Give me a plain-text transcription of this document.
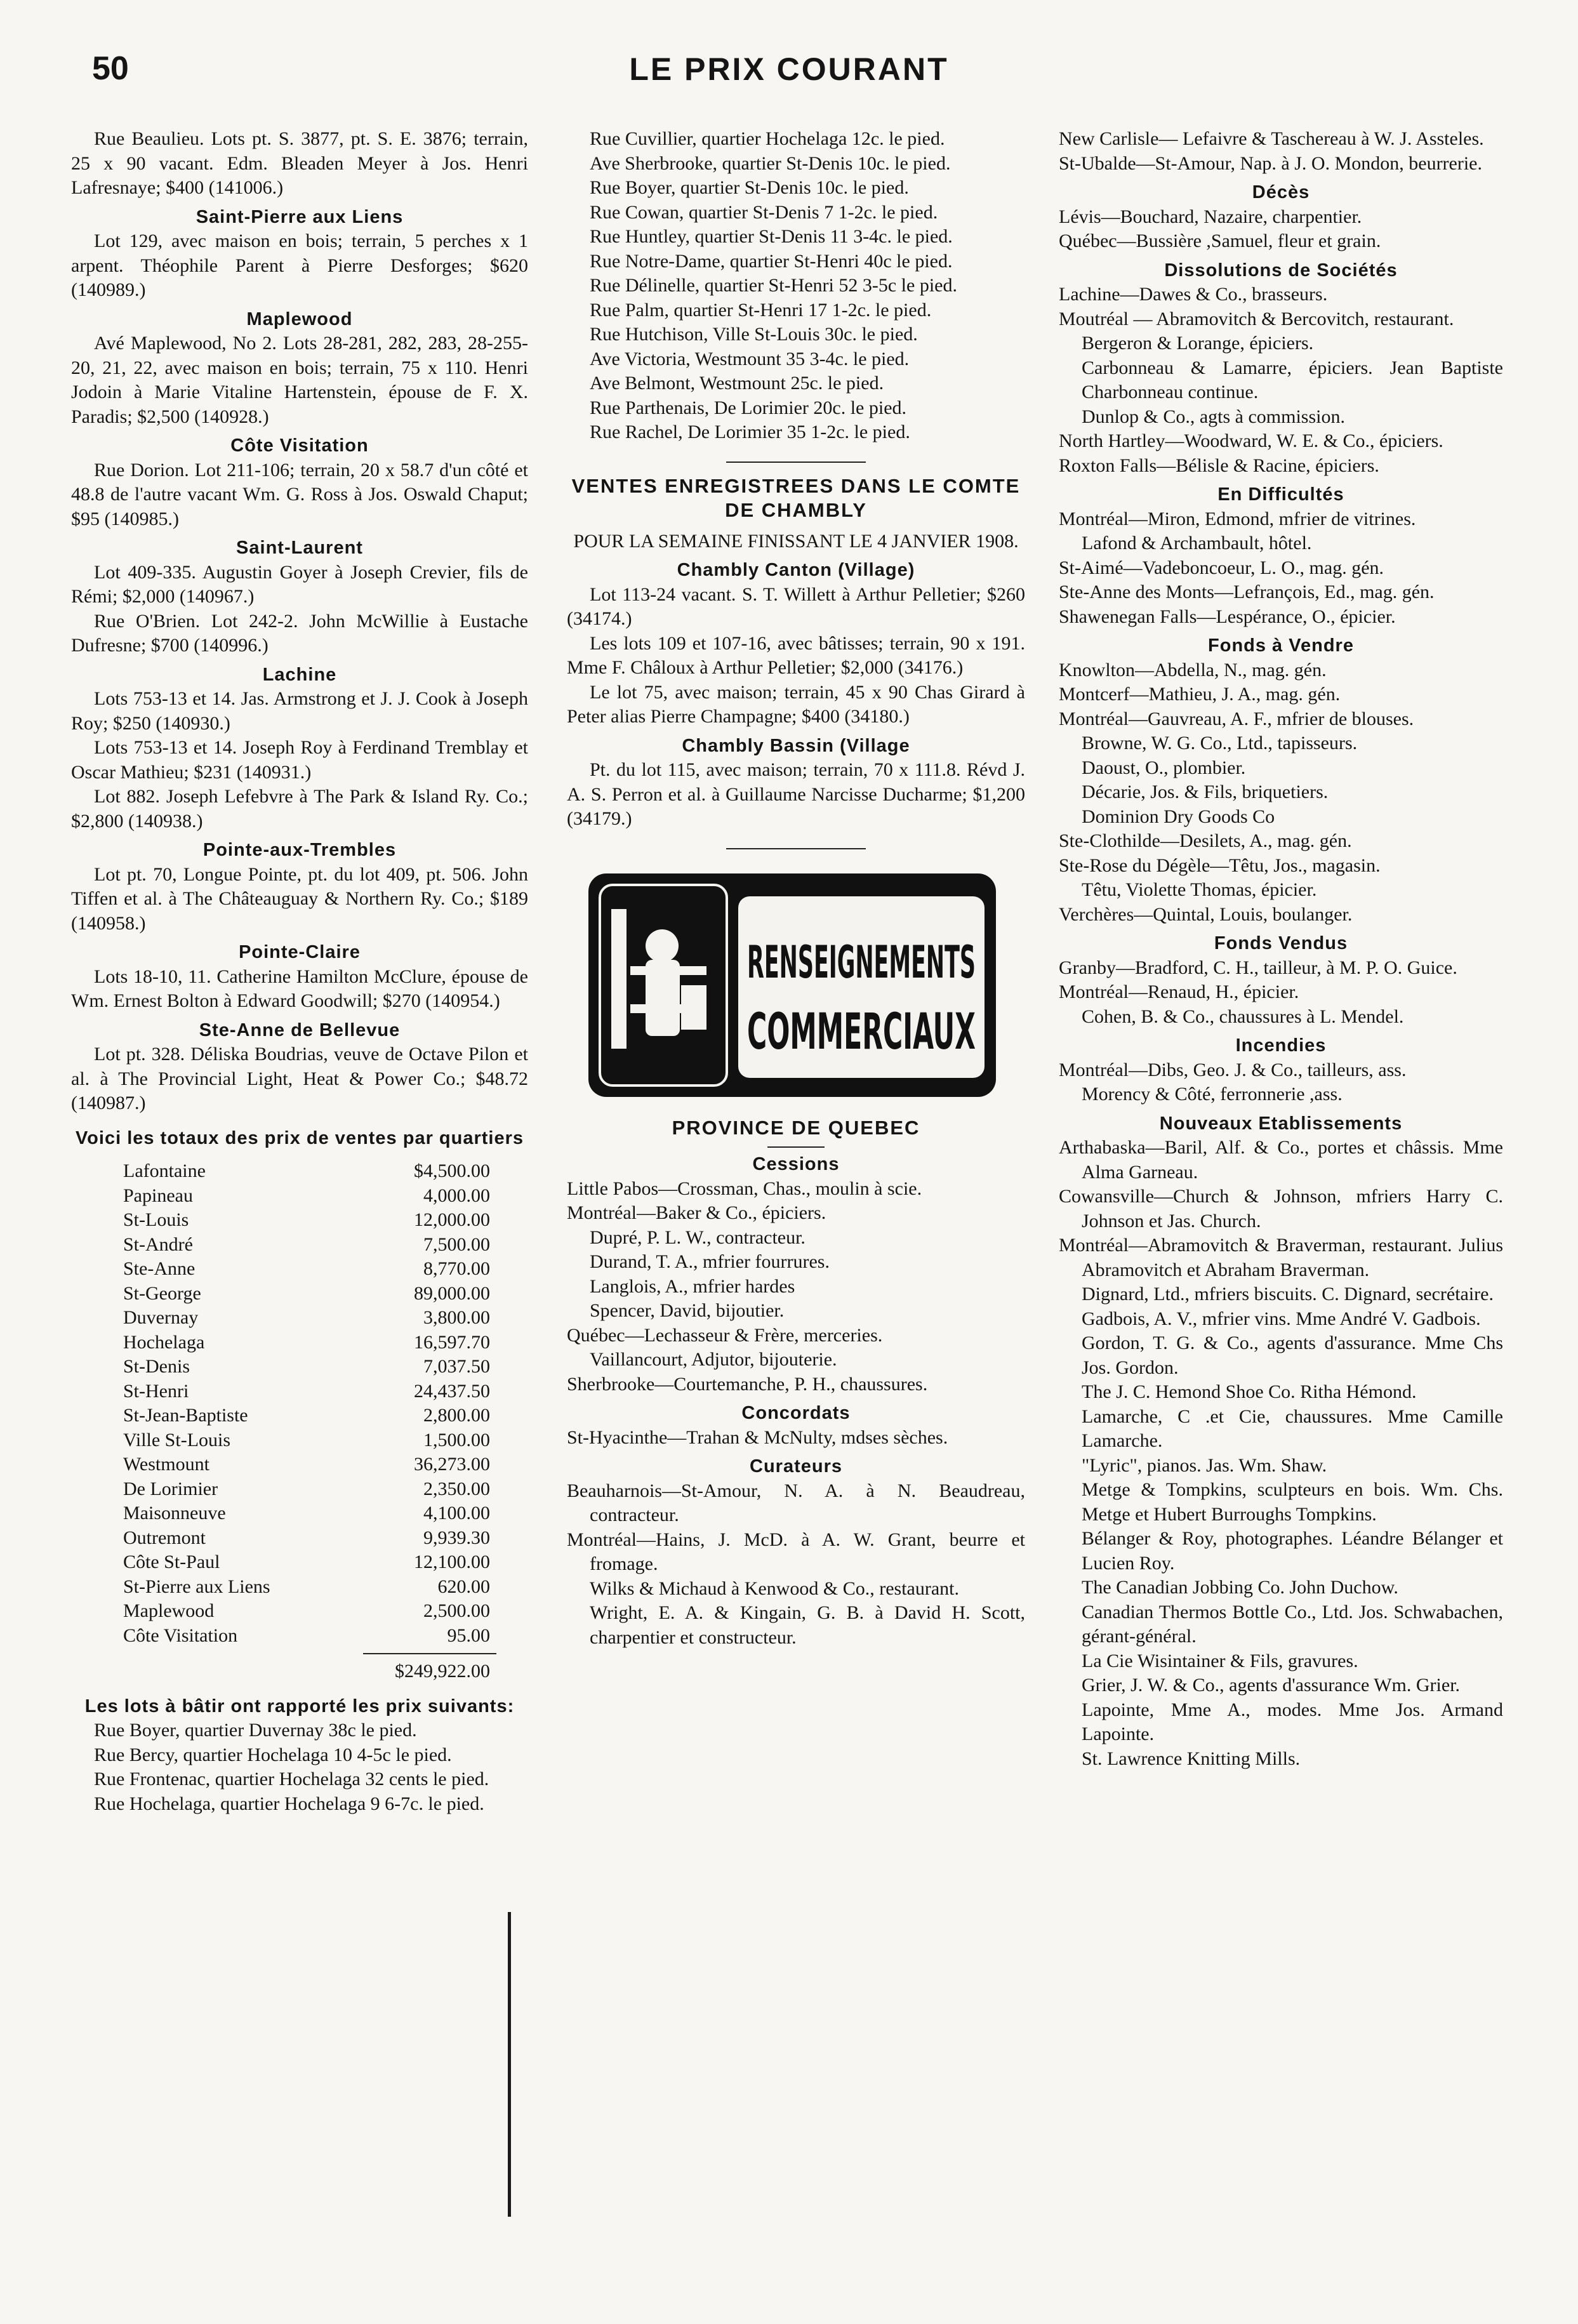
50	LE PRIX COURANT

Rue Beaulieu. Lots pt. S. 3877, pt. S. E. 3876; terrain, 25 x 90 vacant. Edm. Bleaden Meyer à Jos. Henri Lafresnaye; $400 (141006.)

Saint-Pierre aux Liens

Lot 129, avec maison en bois; terrain, 5 perches x 1 arpent. Théophile Parent à Pierre Desforges; $620 (140989.)

Maplewood

Avé Maplewood, No 2. Lots 28-281, 282, 283, 28-255-20, 21, 22, avec maison en bois; terrain, 75 x 110. Henri Jodoin à Marie Vitaline Hartenstein, épouse de F. X. Paradis; $2,500 (140928.)

Côte Visitation

Rue Dorion. Lot 211-106; terrain, 20 x 58.7 d'un côté et 48.8 de l'autre vacant Wm. G. Ross à Jos. Oswald Chaput; $95 (140985.)

Saint-Laurent

Lot 409-335. Augustin Goyer à Joseph Crevier, fils de Rémi; $2,000 (140967.)

Rue O'Brien. Lot 242-2. John McWillie à Eustache Dufresne; $700 (140996.)

Lachine

Lots 753-13 et 14. Jas. Armstrong et J. J. Cook à Joseph Roy; $250 (140930.)

Lots 753-13 et 14. Joseph Roy à Ferdinand Tremblay et Oscar Mathieu; $231 (140931.)

Lot 882. Joseph Lefebvre à The Park & Island Ry. Co.; $2,800 (140938.)

Pointe-aux-Trembles

Lot pt. 70, Longue Pointe, pt. du lot 409, pt. 506. John Tiffen et al. à The Châteauguay & Northern Ry. Co.; $189 (140958.)

Pointe-Claire

Lots 18-10, 11. Catherine Hamilton McClure, épouse de Wm. Ernest Bolton à Edward Goodwill; $270 (140954.)

Ste-Anne de Bellevue

Lot pt. 328. Déliska Boudrias, veuve de Octave Pilon et al. à The Provincial Light, Heat & Power Co.; $48.72 (140987.)

Voici les totaux des prix de ventes par quartiers
Lafontaine	$4,500.00
Papineau	4,000.00
St-Louis	12,000.00
St-André	7,500.00
Ste-Anne	8,770.00
St-George	89,000.00
Duvernay	3,800.00
Hochelaga	16,597.70
St-Denis	7,037.50
St-Henri	24,437.50
St-Jean-Baptiste	2,800.00
Ville St-Louis	1,500.00
Westmount	36,273.00
De Lorimier	2,350.00
Maisonneuve	4,100.00
Outremont	9,939.30
Côte St-Paul	12,100.00
St-Pierre aux Liens	620.00
Maplewood	2,500.00
Côte Visitation	95.00
$249,922.00
Les lots à bâtir ont rapporté les prix suivants:

Rue Boyer, quartier Duvernay 38c le pied.

Rue Bercy, quartier Hochelaga 10 4-5c le pied.

Rue Frontenac, quartier Hochelaga 32 cents le pied.

Rue Hochelaga, quartier Hochelaga 9 6-7c. le pied.

Rue Cuvillier, quartier Hochelaga 12c. le pied.

Ave Sherbrooke, quartier St-Denis 10c. le pied.

Rue Boyer, quartier St-Denis 10c. le pied.

Rue Cowan, quartier St-Denis 7 1-2c. le pied.

Rue Huntley, quartier St-Denis 11 3-4c. le pied.

Rue Notre-Dame, quartier St-Henri 40c le pied.

Rue Délinelle, quartier St-Henri 52 3-5c le pied.

Rue Palm, quartier St-Henri 17 1-2c. le pied.

Rue Hutchison, Ville St-Louis 30c. le pied.

Ave Victoria, Westmount 35 3-4c. le pied.

Ave Belmont, Westmount 25c. le pied.

Rue Parthenais, De Lorimier 20c. le pied.

Rue Rachel, De Lorimier 35 1-2c. le pied.

VENTES ENREGISTREES DANS LE COMTE DE CHAMBLY

POUR LA SEMAINE FINISSANT LE 4 JANVIER 1908.

Chambly Canton (Village)

Lot 113-24 vacant. S. T. Willett à Arthur Pelletier; $260 (34174.)

Les lots 109 et 107-16, avec bâtisses; terrain, 90 x 191. Mme F. Châloux à Arthur Pelletier; $2,000 (34176.)

Le lot 75, avec maison; terrain, 45 x 90 Chas Girard à Peter alias Pierre Champagne; $400 (34180.)

Chambly Bassin (Village

Pt. du lot 115, avec maison; terrain, 70 x 111.8. Révd J. A. S. Perron et al. à Guillaume Narcisse Ducharme; $1,200 (34179.)

RENSEIGNEMENTS
COMMERCIAUX
PROVINCE DE QUEBEC
Cessions

Little Pabos—Crossman, Chas., moulin à scie.

Montréal—Baker & Co., épiciers.

Dupré, P. L. W., contracteur.

Durand, T. A., mfrier fourrures.

Langlois, A., mfrier hardes

Spencer, David, bijoutier.

Québec—Lechasseur & Frère, merceries.

Vaillancourt, Adjutor, bijouterie.

Sherbrooke—Courtemanche, P. H., chaussures.

Concordats

St-Hyacinthe—Trahan & McNulty, mdses sèches.

Curateurs

Beauharnois—St-Amour, N. A. à N. Beaudreau, contracteur.

Montréal—Hains, J. McD. à A. W. Grant, beurre et fromage.

Wilks & Michaud à Kenwood & Co., restaurant.

Wright, E. A. & Kingain, G. B. à David H. Scott, charpentier et constructeur.

New Carlisle— Lefaivre & Taschereau à W. J. Assteles.

St-Ubalde—St-Amour, Nap. à J. O. Mondon, beurrerie.

Décès

Lévis—Bouchard, Nazaire, charpentier.

Québec—Bussière ,Samuel, fleur et grain.

Dissolutions de Sociétés

Lachine—Dawes & Co., brasseurs.

Moutréal — Abramovitch & Bercovitch, restaurant.

Bergeron & Lorange, épiciers.

Carbonneau & Lamarre, épiciers. Jean Baptiste Charbonneau continue.

Dunlop & Co., agts à commission.

North Hartley—Woodward, W. E. & Co., épiciers.

Roxton Falls—Bélisle & Racine, épiciers.

En Difficultés

Montréal—Miron, Edmond, mfrier de vitrines.

Lafond & Archambault, hôtel.

St-Aimé—Vadeboncoeur, L. O., mag. gén.

Ste-Anne des Monts—Lefrançois, Ed., mag. gén.

Shawenegan Falls—Lespérance, O., épicier.

Fonds à Vendre

Knowlton—Abdella, N., mag. gén.

Montcerf—Mathieu, J. A., mag. gén.

Montréal—Gauvreau, A. F., mfrier de blouses.

Browne, W. G. Co., Ltd., tapisseurs.

Daoust, O., plombier.

Décarie, Jos. & Fils, briquetiers.

Dominion Dry Goods Co

Ste-Clothilde—Desilets, A., mag. gén.

Ste-Rose du Dégèle—Têtu, Jos., magasin.

Têtu, Violette Thomas, épicier.

Verchères—Quintal, Louis, boulanger.

Fonds Vendus

Granby—Bradford, C. H., tailleur, à M. P. O. Guice.

Montréal—Renaud, H., épicier.

Cohen, B. & Co., chaussures à L. Mendel.

Incendies

Montréal—Dibs, Geo. J. & Co., tailleurs, ass.

Morency & Côté, ferronnerie ,ass.

Nouveaux Etablissements

Arthabaska—Baril, Alf. & Co., portes et châssis. Mme Alma Garneau.

Cowansville—Church & Johnson, mfriers Harry C. Johnson et Jas. Church.

Montréal—Abramovitch & Braverman, restaurant. Julius Abramovitch et Abraham Braverman.

Dignard, Ltd., mfriers biscuits. C. Dignard, secrétaire.

Gadbois, A. V., mfrier vins. Mme André V. Gadbois.

Gordon, T. G. & Co., agents d'assurance. Mme Chs Jos. Gordon.

The J. C. Hemond Shoe Co. Ritha Hémond.

Lamarche, C .et Cie, chaussures. Mme Camille Lamarche.

"Lyric", pianos. Jas. Wm. Shaw.

Metge & Tompkins, sculpteurs en bois. Wm. Chs. Metge et Hubert Burroughs Tompkins.

Bélanger & Roy, photographes. Léandre Bélanger et Lucien Roy.

The Canadian Jobbing Co. John Duchow.

Canadian Thermos Bottle Co., Ltd. Jos. Schwabachen, gérant-général.

La Cie Wisintainer & Fils, gravures.

Grier, J. W. & Co., agents d'assurance Wm. Grier.

Lapointe, Mme A., modes. Mme Jos. Armand Lapointe.

St. Lawrence Knitting Mills.
